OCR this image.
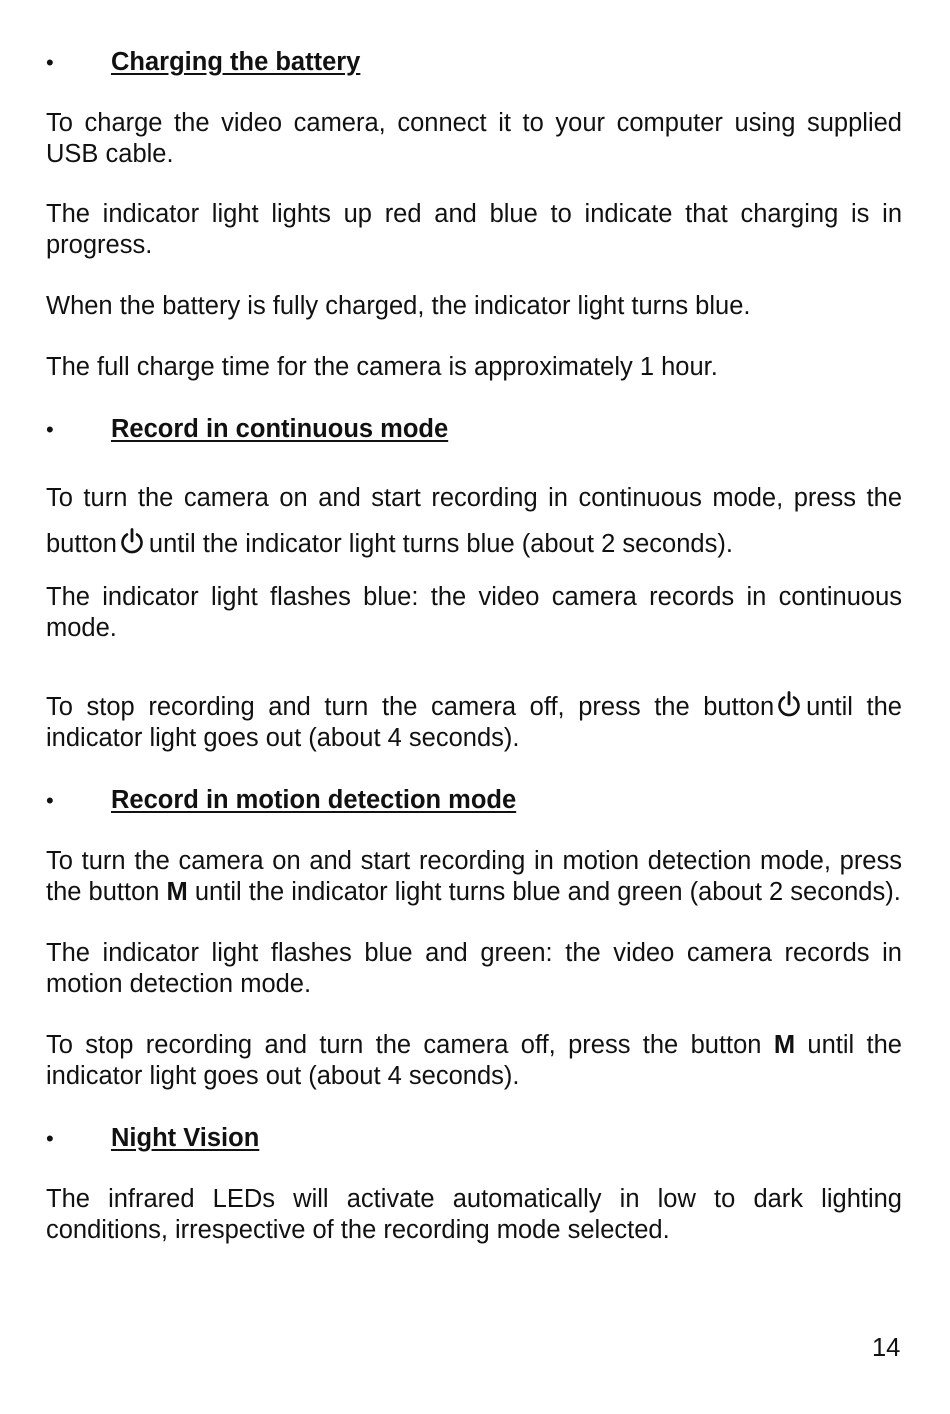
• Charging the battery

To charge the video camera, connect it to your computer using supplied USB cable.

The indicator light lights up red and blue to indicate that charging is in progress.

When the battery is fully charged, the indicator light turns blue.

The full charge time for the camera is approximately 1 hour.

• Record in continuous mode

To turn the camera on and start recording in continuous mode, press the button until the indicator light turns blue (about 2 seconds).

The indicator light flashes blue: the video camera records in continuous mode.

To stop recording and turn the camera off, press the button until the indicator light goes out (about 4 seconds).

• Record in motion detection mode

To turn the camera on and start recording in motion detection mode, press the button M until the indicator light turns blue and green (about 2 seconds).

The indicator light flashes blue and green: the video camera records in motion detection mode.

To stop recording and turn the camera off, press the button M until the indicator light goes out (about 4 seconds).

• Night Vision

The infrared LEDs will activate automatically in low to dark lighting conditions, irrespective of the recording mode selected.

14
